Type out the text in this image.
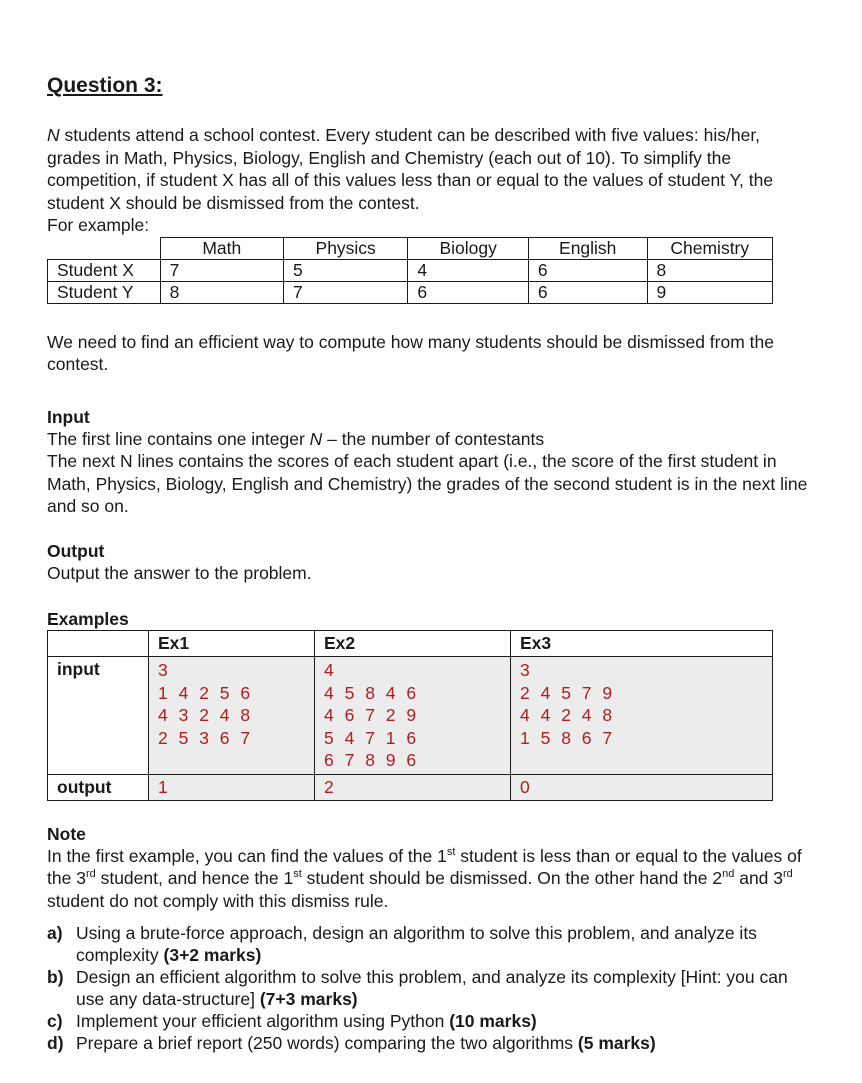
Question 3:

N students attend a school contest. Every student can be described with five values: his/her, grades in Math, Physics, Biology, English and Chemistry (each out of 10). To simplify the competition, if student X has all of this values less than or equal to the values of student Y, the student X should be dismissed from the contest.

For example:

	Math	Physics	Biology	English	Chemistry
Student X	7	5	4	6	8
Student Y	8	7	6	6	9

We need to find an efficient way to compute how many students should be dismissed from the contest.

Input

The first line contains one integer N – the number of contestants

The next N lines contains the scores of each student apart (i.e., the score of the first student in Math, Physics, Biology, English and Chemistry) the grades of the second student is in the next line and so on.

Output

Output the answer to the problem.

Examples
	Ex1	Ex2	Ex3
input	3
1 4 2 5 6
4 3 2 4 8
2 5 3 6 7	4
4 5 8 4 6
4 6 7 2 9
5 4 7 1 6
6 7 8 9 6	3
2 4 5 7 9
4 4 2 4 8
1 5 8 6 7

output	1	2	0
Note

In the first example, you can find the values of the 1st student is less than or equal to the values of the 3rd student, and hence the 1st student should be dismissed. On the other hand the 2nd and 3rd student do not comply with this dismiss rule.

a) Using a brute-force approach, design an algorithm to solve this problem, and analyze its complexity (3+2 marks)
b) Design an efficient algorithm to solve this problem, and analyze its complexity [Hint: you can use any data-structure] (7+3 marks)
c) Implement your efficient algorithm using Python (10 marks)
d) Prepare a brief report (250 words) comparing the two algorithms (5 marks)
